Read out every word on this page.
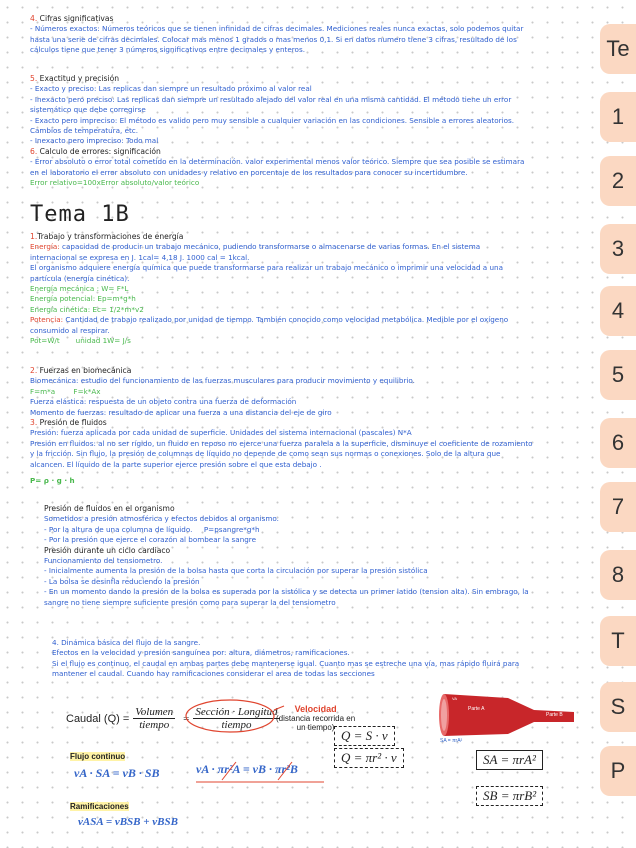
4. Cifras significativas
- Números exactos: Números teóricos que se tienen infinidad de cifras decimales. Mediciones reales nunca exactas, solo podemos quitar
hasta una serie de cifras decimales. Colocar mas menos 1 grados o mas menos 0,1. Si en datos numero tiene 3 cifras, resultado de los
cálculos tiene que tener 3 números significativos entre decimales y enteros.
5. Exactitud y precisión
- Exacto y preciso: Las replicas dan siempre un resultado próximo al valor real
- Inexacto pero preciso: Las replicas dan siempre un resultado alejado del valor real en una misma cantidad. El método tiene un error
sistemático que debe corregirse
- Exacto pero impreciso: El método es valido pero muy sensible a cualquier variación en las condiciones. Sensible a errores aleatorios.
Cambios de temperatura, etc.
- Inexacto pero impreciso: Todo mal
6. Calculo de errores: significación
- Error absoluto o error total cometido en la determinación. valor experimental menos valor teórico. Siempre que sea posible se estimara
en el laboratorio el error absoluto con unidades y relativo en porcentaje de los resultados para conocer su incertidumbre.
Error relativo=100xError absoluto/valor teórico
Tema 1B
1.Trabajo y transformaciones de energía
Energía: capacidad de producir un trabajo mecánico, pudiendo transformarse o almacenarse de varias formas. En el sistema
internacional se expresa en J. 1cal= 4,18 J. 1000 cal = 1kcal.
El organismo adquiere energía química que puede transformarse para realizar un trabajo mecánico o imprimir una velocidad a una
partícula (energía cinética).
Energía mecánica : W= F*L
Energía potencial: Ep=m*g*h
Energía cinética: Ec= 1/2*m*v2
Potencia: Cantidad de trabajo realizado por unidad de tiempo. También conocido como velocidad metabólica. Medible por el oxígeno
consumido al respirar.
Pot=W/t       unidad 1W= J/s
2. Fuerzas en biomecánica
Biomecánica: estudio del funcionamiento de las fuerzas musculares para producir movimiento y equilibrio.
F=m*a        F=k*Ax
Fuerza elástica: respuesta de un objeto contra una fuerza de deformación
Momento de fuerzas: resultado de aplicar una fuerza a una distancia del eje de giro
3. Presión de fluidos
Presión: fuerza aplicada por cada unidad de superficie. Unidades del sistema internacional (pascales) N*A
Presión en fluidos: al no ser rígido, un fluido en reposo no ejerce una fuerza paralela a la superficie, disminuye el coeficiente de rozamiento
y la fricción. Sin flujo, la presión de columnas de líquido no depende de como sean sus normas o conexiones. Solo de la altura que
alcancen. El líquido de la parte superior ejerce presión sobre el que esta debajo .
P= ρ · g · h
Presión de fluidos en el organismo
Sometidos a presión atmosférica y efectos debidos al organismo.
- Por la altura de una columna de líquido.     P=psangre*g*h
- Por la presión que ejerce el corazón al bombear la sangre
Presión durante un ciclo cardiaco
Funcionamiento del tensiometro.
- Inicialmente aumenta la presión de la bolsa hasta que corta la circulación por superar la presión sistólica
- La bolsa se desinfla reduciendo la presión
- En un momento dando la presión de la bolsa es superada por la sistólica y se detecta un primer latido (tension alta). Sin embrago, la
sangre no tiene siempre suficiente presión como para superar la del tensiometro
4. Dinámica básica del flujo de la sangre.
Efectos en la velocidad y presión sanguínea por: altura, diámetros, ramificaciones.
Si el flujo es continuo, el caudal en ambas partes debe mantenerse igual. Cuanto mas se estreche una vía, mas rápido fluirá para
mantener el caudal. Cuando hay ramificaciones considerar el area de todas las secciones
Caudal (Q) =
Volumen
tiempo
=
Sección · Longitud
tiempo
Velocidad
(distancia recorrida en
un tiempo)
Q = S · v
Q = πr² · v
Parte A
Parte B
VA
SA = πrA²
SA = πrA²
SB = πrB²
Flujo continuo
vA · SA = vB · SB	vA · πr²A = vB · πr²B
Ramificaciones
vASA = vBSB + vBSB
Te
1
2
3
4
5
6
7
8
T
S
P
